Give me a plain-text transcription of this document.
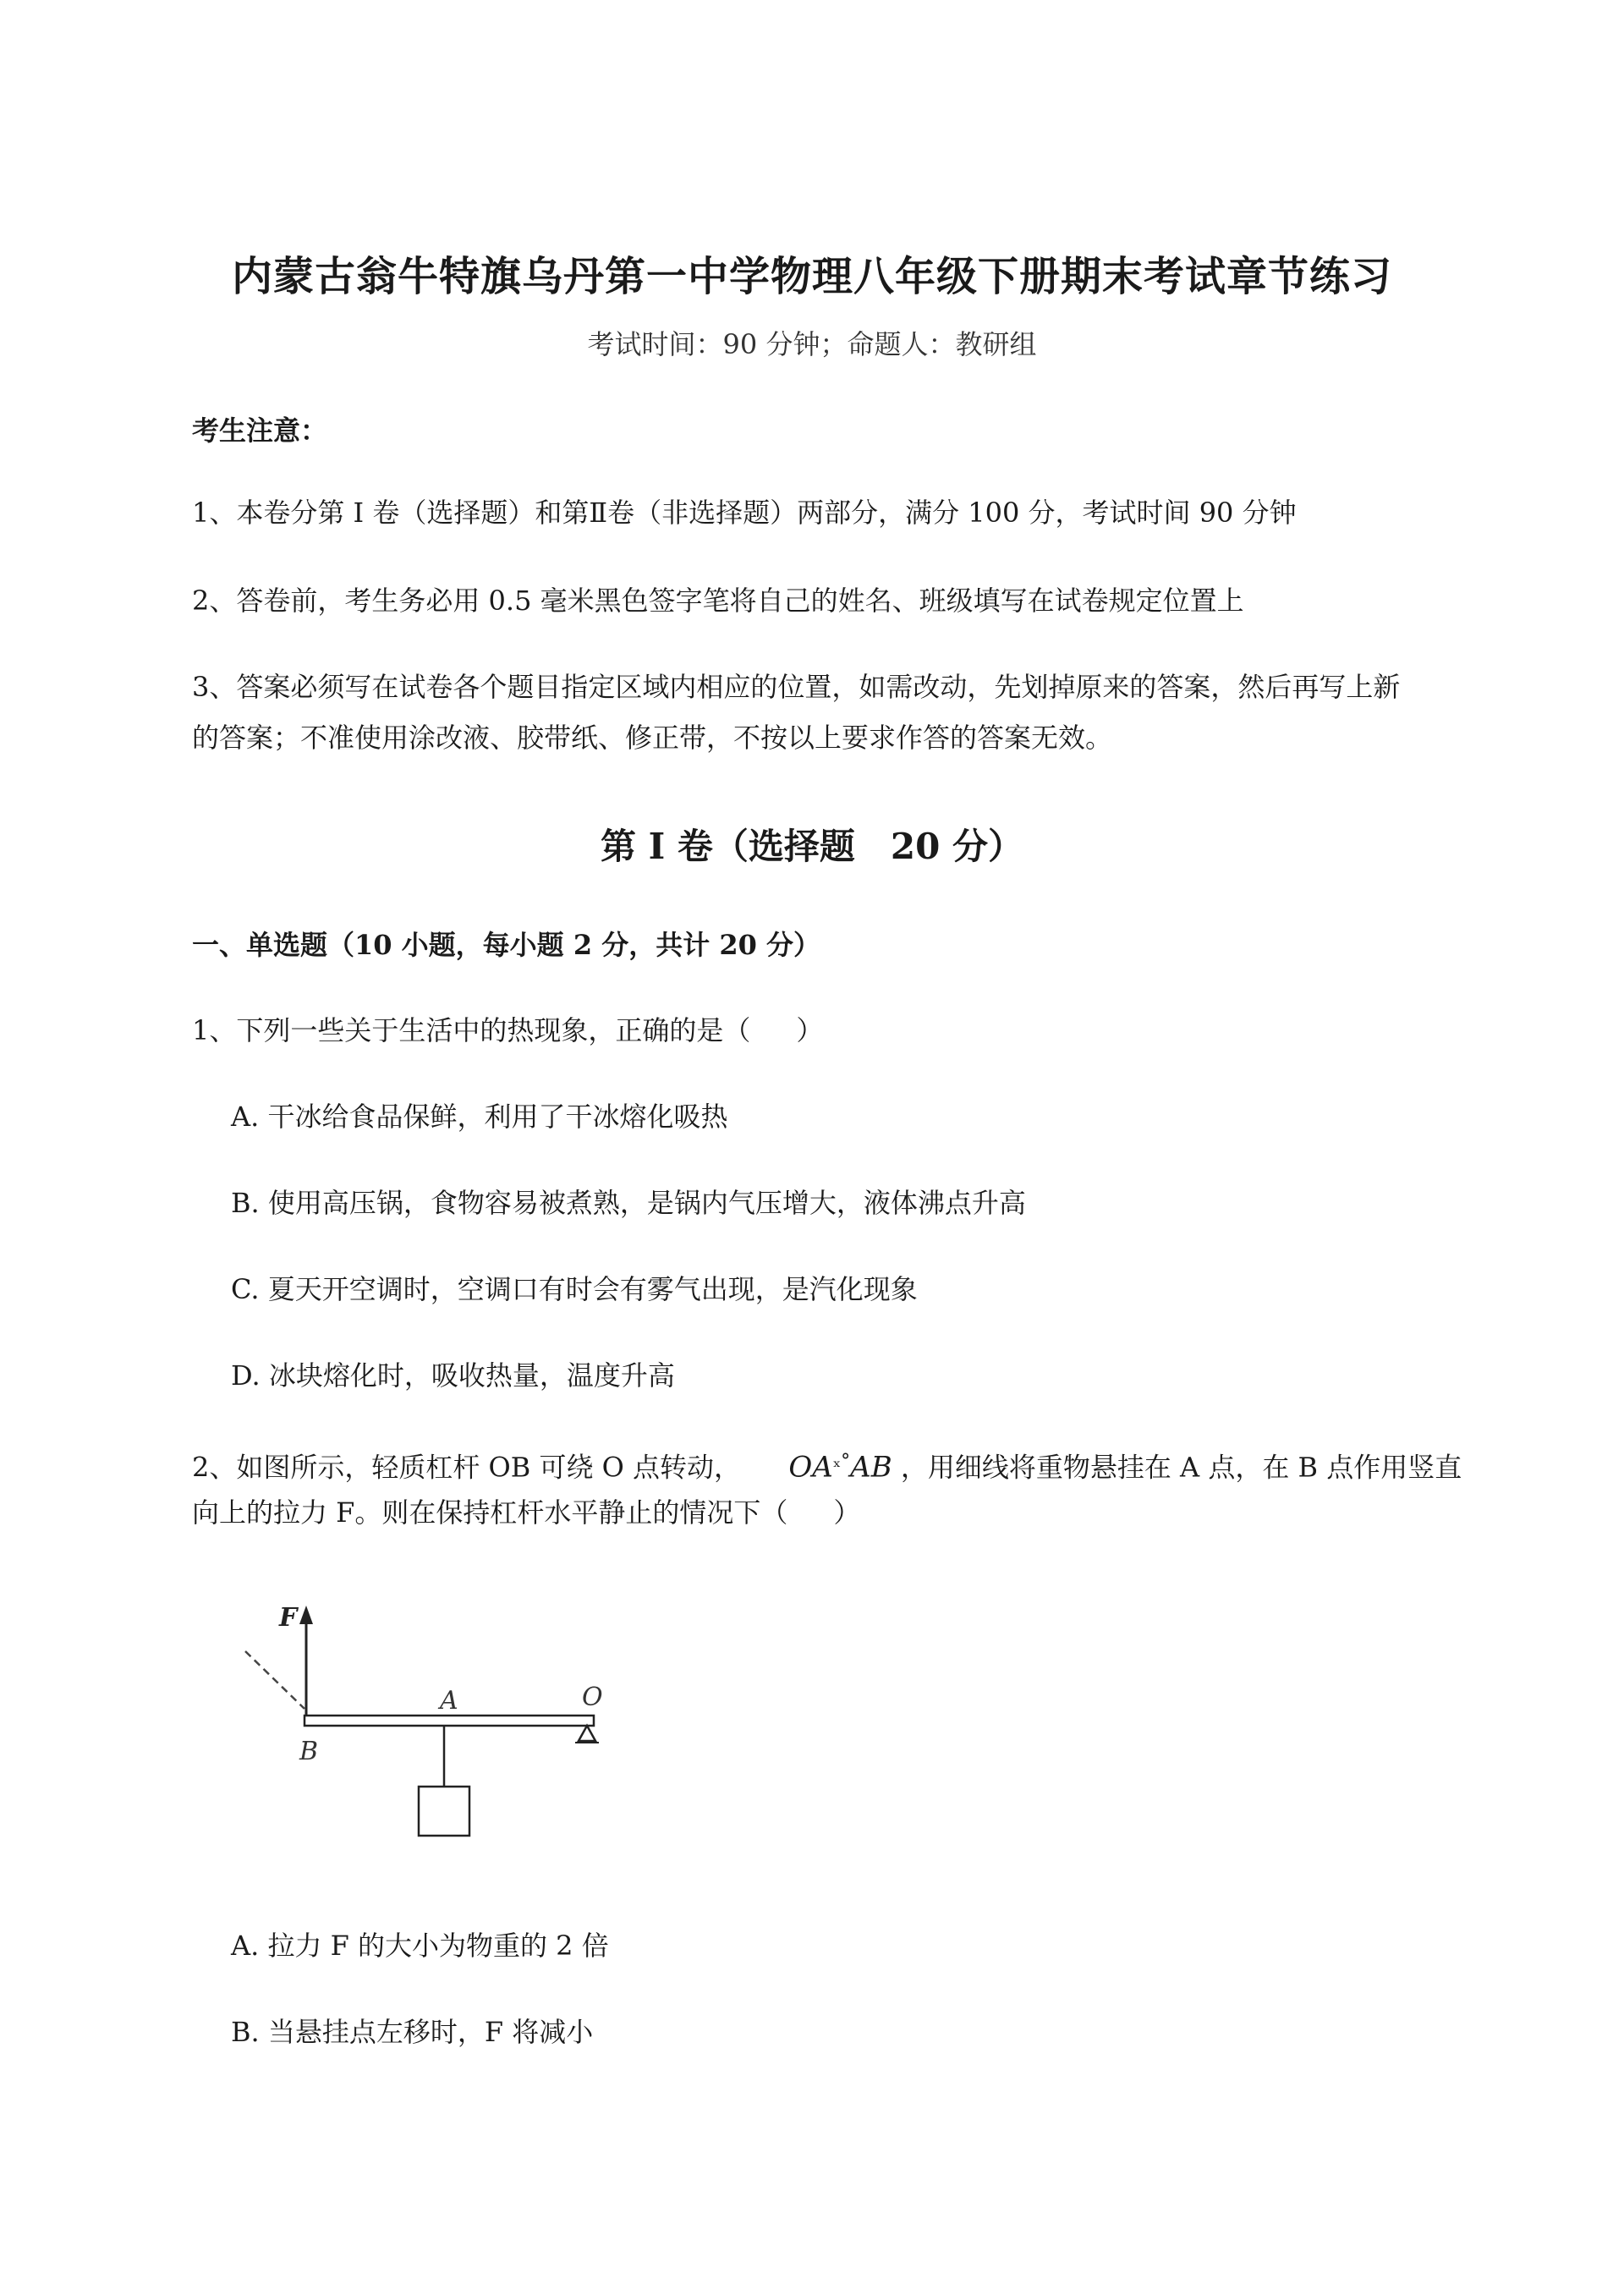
内蒙古翁牛特旗乌丹第一中学物理八年级下册期末考试章节练习
考试时间：90 分钟；命题人：教研组
考生注意：
1、本卷分第 I 卷（选择题）和第Ⅱ卷（非选择题）两部分，满分 100 分，考试时间 90 分钟
2、答卷前，考生务必用 0.5 毫米黑色签字笔将自己的姓名、班级填写在试卷规定位置上
3、答案必须写在试卷各个题目指定区域内相应的位置，如需改动，先划掉原来的答案，然后再写上新
的答案；不准使用涂改液、胶带纸、修正带，不按以上要求作答的答案无效。
第 I 卷（选择题　20 分）
一、单选题（10 小题，每小题 2 分，共计 20 分）
1、下列一些关于生活中的热现象，正确的是（ ）
A. 干冰给食品保鲜，利用了干冰熔化吸热
B. 使用高压锅，食物容易被煮熟，是锅内气压增大，液体沸点升高
C. 夏天开空调时，空调口有时会有雾气出现，是汽化现象
D. 冰块熔化时，吸收热量，温度升高
2、如图所示，轻质杠杆 OB 可绕 O 点转动， $OA^{_x^\circ}AB$ ，用细线将重物悬挂在 A 点，在 B 点作用竖直
向上的拉力 F。则在保持杠杆水平静止的情况下（ ）
F
B
A	O
A. 拉力 F 的大小为物重的 2 倍
B. 当悬挂点左移时，F 将减小
